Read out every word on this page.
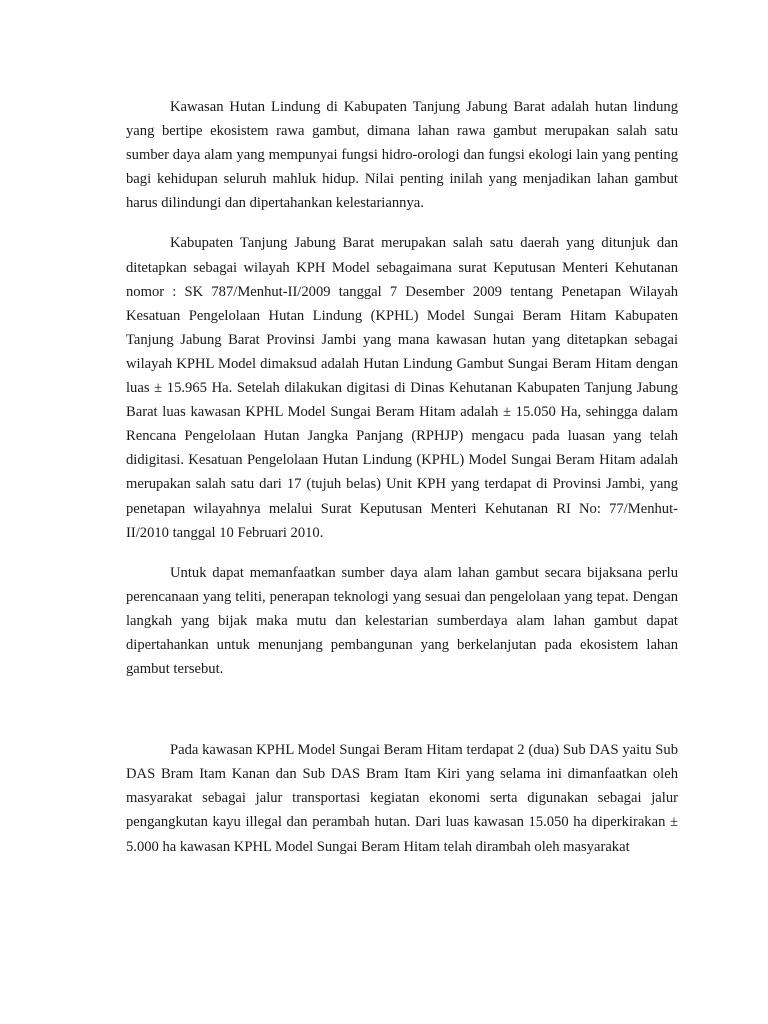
Kawasan Hutan Lindung di Kabupaten Tanjung Jabung Barat adalah hutan lindung yang bertipe ekosistem rawa gambut, dimana lahan rawa gambut merupakan salah satu sumber daya alam yang mempunyai fungsi hidro-orologi dan fungsi ekologi lain yang penting bagi kehidupan seluruh mahluk hidup. Nilai penting inilah yang menjadikan lahan gambut harus dilindungi dan dipertahankan kelestariannya.

Kabupaten Tanjung Jabung Barat merupakan salah satu daerah yang ditunjuk dan ditetapkan sebagai wilayah KPH Model sebagaimana surat Keputusan Menteri Kehutanan nomor : SK 787/Menhut-II/2009 tanggal 7 Desember 2009 tentang Penetapan Wilayah Kesatuan Pengelolaan Hutan Lindung (KPHL) Model Sungai Beram Hitam Kabupaten Tanjung Jabung Barat Provinsi Jambi yang mana kawasan hutan yang ditetapkan sebagai wilayah KPHL Model dimaksud adalah Hutan Lindung Gambut Sungai Beram Hitam dengan luas ± 15.965 Ha. Setelah dilakukan digitasi di Dinas Kehutanan Kabupaten Tanjung Jabung Barat luas kawasan KPHL Model Sungai Beram Hitam adalah ± 15.050 Ha, sehingga dalam Rencana Pengelolaan Hutan Jangka Panjang (RPHJP) mengacu pada luasan yang telah didigitasi. Kesatuan Pengelolaan Hutan Lindung (KPHL) Model Sungai Beram Hitam adalah merupakan salah satu dari 17 (tujuh belas) Unit KPH yang terdapat di Provinsi Jambi, yang penetapan wilayahnya melalui Surat Keputusan Menteri Kehutanan RI No: 77/Menhut-II/2010 tanggal 10 Februari 2010.

Untuk dapat memanfaatkan sumber daya alam lahan gambut secara bijaksana perlu perencanaan yang teliti, penerapan teknologi yang sesuai dan pengelolaan yang tepat. Dengan langkah yang bijak maka mutu dan kelestarian sumberdaya alam lahan gambut dapat dipertahankan untuk menunjang pembangunan yang berkelanjutan pada ekosistem lahan gambut tersebut.

Pada kawasan KPHL Model Sungai Beram Hitam terdapat 2 (dua) Sub DAS yaitu Sub DAS Bram Itam Kanan dan Sub DAS Bram Itam Kiri yang selama ini dimanfaatkan oleh masyarakat sebagai jalur transportasi kegiatan ekonomi serta digunakan sebagai jalur pengangkutan kayu illegal dan perambah hutan. Dari luas kawasan 15.050 ha diperkirakan ± 5.000 ha kawasan KPHL Model Sungai Beram Hitam telah dirambah oleh masyarakat
